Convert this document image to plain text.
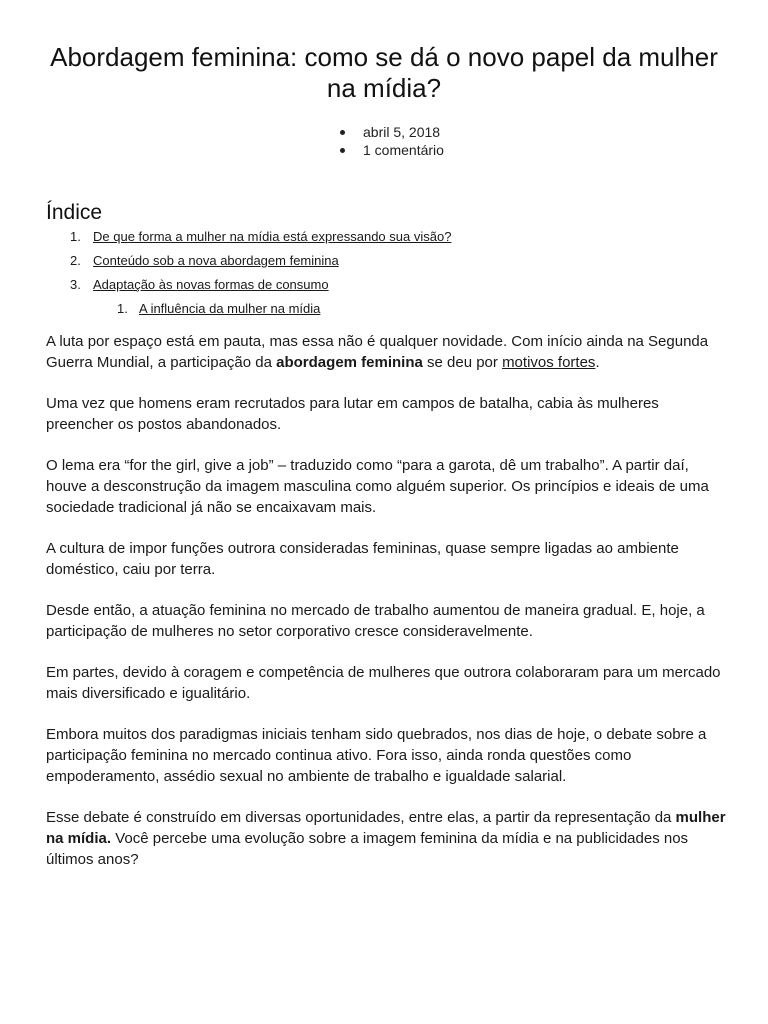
Abordagem feminina: como se dá o novo papel da mulher na mídia?
abril 5, 2018
1 comentário
Índice
1. De que forma a mulher na mídia está expressando sua visão?
2. Conteúdo sob a nova abordagem feminina
3. Adaptação às novas formas de consumo
1. A influência da mulher na mídia

A luta por espaço está em pauta, mas essa não é qualquer novidade. Com início ainda na Segunda Guerra Mundial, a participação da abordagem feminina se deu por motivos fortes.

Uma vez que homens eram recrutados para lutar em campos de batalha, cabia às mulheres preencher os postos abandonados.

O lema era “for the girl, give a job” – traduzido como “para a garota, dê um trabalho”. A partir daí, houve a desconstrução da imagem masculina como alguém superior. Os princípios e ideais de uma sociedade tradicional já não se encaixavam mais.

A cultura de impor funções outrora consideradas femininas, quase sempre ligadas ao ambiente doméstico, caiu por terra.

Desde então, a atuação feminina no mercado de trabalho aumentou de maneira gradual. E, hoje, a participação de mulheres no setor corporativo cresce consideravelmente.

Em partes, devido à coragem e competência de mulheres que outrora colaboraram para um mercado mais diversificado e igualitário.

Embora muitos dos paradigmas iniciais tenham sido quebrados, nos dias de hoje, o debate sobre a participação feminina no mercado continua ativo. Fora isso, ainda ronda questões como empoderamento, assédio sexual no ambiente de trabalho e igualdade salarial.

Esse debate é construído em diversas oportunidades, entre elas, a partir da representação da mulher na mídia. Você percebe uma evolução sobre a imagem feminina da mídia e na publicidades nos últimos anos?
